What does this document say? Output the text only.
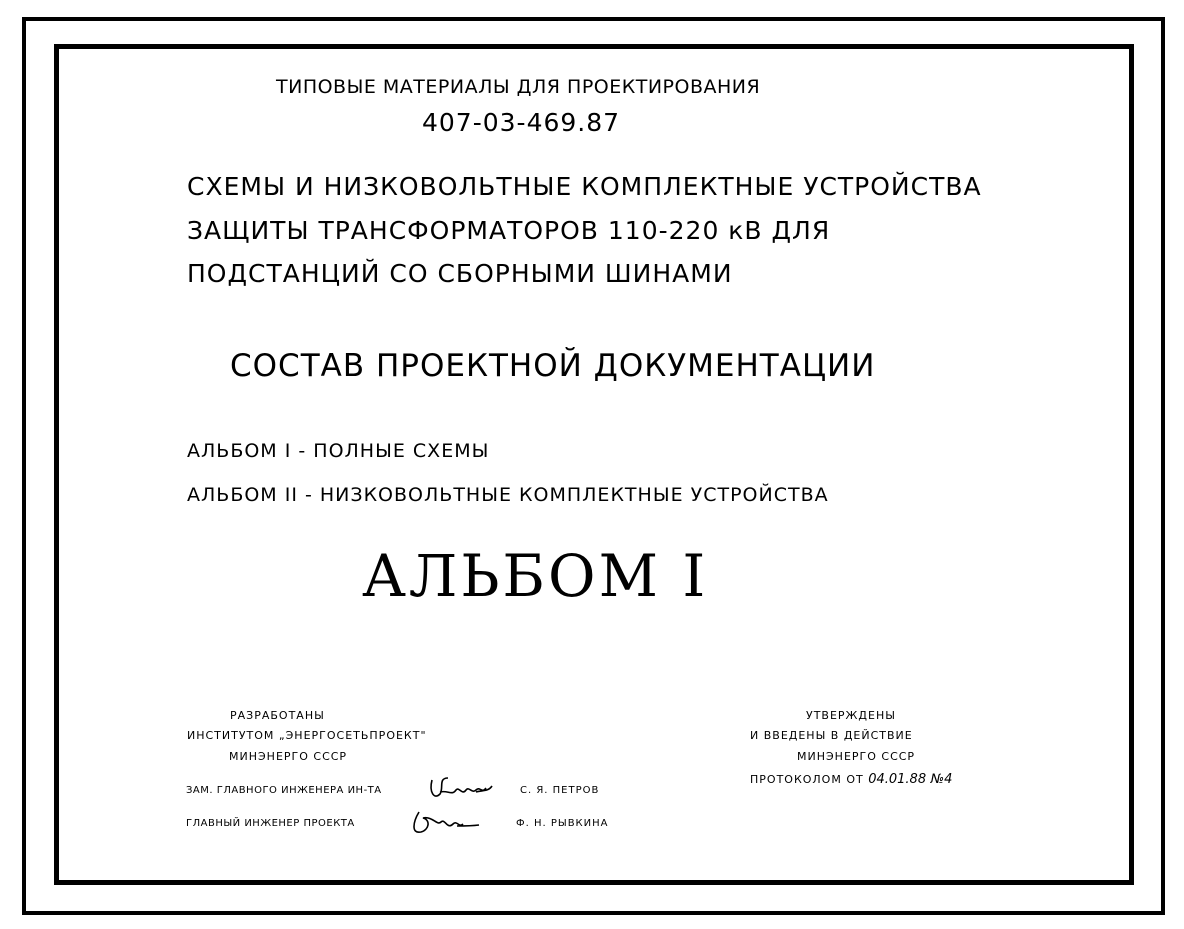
ТИПОВЫЕ МАТЕРИАЛЫ ДЛЯ ПРОЕКТИРОВАНИЯ

407-03-469.87

СХЕМЫ И НИЗКОВОЛЬТНЫЕ КОМПЛЕКТНЫЕ УСТРОЙСТВА

ЗАЩИТЫ ТРАНСФОРМАТОРОВ 110-220 кВ ДЛЯ

ПОДСТАНЦИЙ СО СБОРНЫМИ ШИНАМИ

СОСТАВ ПРОЕКТНОЙ ДОКУМЕНТАЦИИ

АЛЬБОМ I - ПОЛНЫЕ СХЕМЫ

АЛЬБОМ II - НИЗКОВОЛЬТНЫЕ КОМПЛЕКТНЫЕ УСТРОЙСТВА

АЛЬБОМ I

РАЗРАБОТАНЫ

ИНСТИТУТОМ „ЭНЕРГОСЕТЬПРОЕКТ"

МИНЭНЕРГО СССР

УТВЕРЖДЕНЫ

И ВВЕДЕНЫ В ДЕЙСТВИЕ

МИНЭНЕРГО СССР

ПРОТОКОЛОМ ОТ 04.01.88 №4

ЗАМ. ГЛАВНОГО ИНЖЕНЕРА ИН-ТА	С. Я. ПЕТРОВ

ГЛАВНЫЙ ИНЖЕНЕР ПРОЕКТА	Ф. Н. РЫВКИНА
